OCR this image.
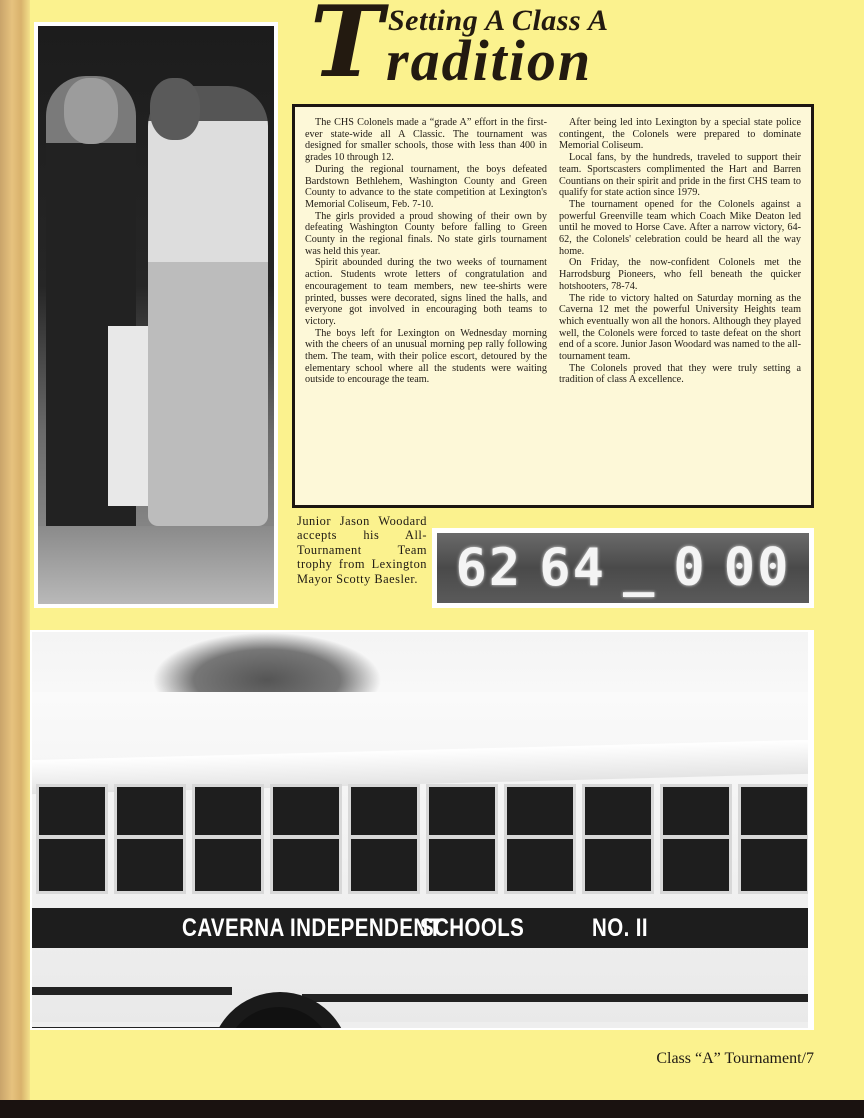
T Setting A Class A
radition

The CHS Colonels made a “grade A” effort in the first-ever state-wide all A Classic. The tournament was designed for smaller schools, those with less than 400 in grades 10 through 12.

During the regional tournament, the boys defeated Bardstown Bethlehem, Washington County and Green County to advance to the state competition at Lexington's Memorial Coliseum, Feb. 7-10.

The girls provided a proud showing of their own by defeating Washington County before falling to Green County in the regional finals. No state girls tournament was held this year.

Spirit abounded during the two weeks of tournament action. Students wrote letters of congratulation and encouragement to team members, new tee-shirts were printed, busses were decorated, signs lined the halls, and everyone got involved in encouraging both teams to victory.

The boys left for Lexington on Wednesday morning with the cheers of an unusual morning pep rally following them. The team, with their police escort, detoured by the elementary school where all the students were waiting outside to encourage the team.

After being led into Lexington by a special state police contingent, the Colonels were prepared to dominate Memorial Coliseum.

Local fans, by the hundreds, traveled to support their team. Sportscasters complimented the Hart and Barren Countians on their spirit and pride in the first CHS team to qualify for state action since 1979.

The tournament opened for the Colonels against a powerful Greenville team which Coach Mike Deaton led until he moved to Horse Cave. After a narrow victory, 64-62, the Colonels' celebration could be heard all the way home.

On Friday, the now-confident Colonels met the Harrodsburg Pioneers, who fell beneath the quicker hotshooters, 78-74.

The ride to victory halted on Saturday morning as the Caverna 12 met the powerful University Heights team which eventually won all the honors. Although they played well, the Colonels were forced to taste defeat on the short end of a score. Junior Jason Woodard was named to the all-tournament team.

The Colonels proved that they were truly setting a tradition of class A excellence.

Junior Jason Woodard accepts his All-Tournament Team trophy from Lexington Mayor Scotty Baesler. 62 64 _ 0 00
CAVERNA INDEPENDENT
SCHOOLS	NO. II
Class “A” Tournament/7
